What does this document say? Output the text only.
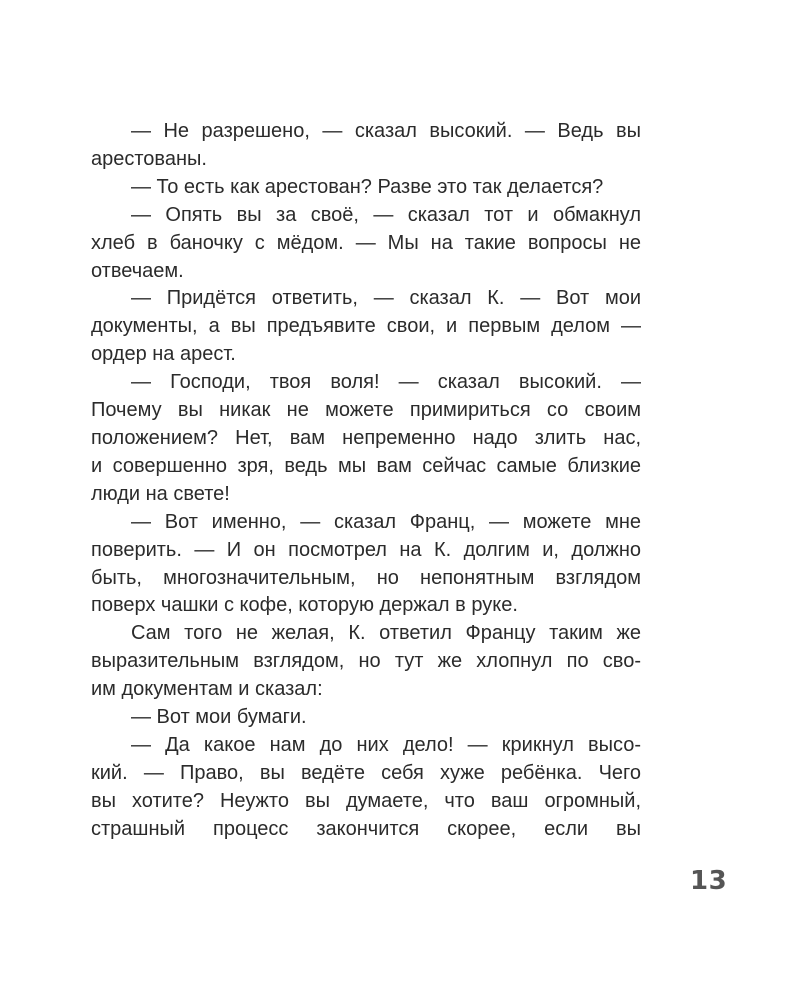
— Не разрешено, — сказал высокий. — Ведь вы
арестованы.
— То есть как арестован? Разве это так делается?
— Опять вы за своё, — сказал тот и обмакнул
хлеб в баночку с мёдом. — Мы на такие вопросы не
отвечаем.
— Придётся ответить, — сказал К. — Вот мои
документы, а вы предъявите свои, и первым делом —
ордер на арест.
— Господи, твоя воля! — сказал высокий. —
Почему вы никак не можете примириться со своим
положением? Нет, вам непременно надо злить нас,
и совершенно зря, ведь мы вам сейчас самые близкие
люди на свете!
— Вот именно, — сказал Франц, — можете мне
поверить. — И он посмотрел на К. долгим и, должно
быть, многозначительным, но непонятным взглядом
поверх чашки с кофе, которую держал в руке.
Сам того не желая, К. ответил Францу таким же
выразительным взглядом, но тут же хлопнул по сво-
им документам и сказал:
— Вот мои бумаги.
— Да какое нам до них дело! — крикнул высо-
кий. — Право, вы ведёте себя хуже ребёнка. Чего
вы хотите? Неужто вы думаете, что ваш огромный,
страшный процесс закончится скорее, если вы
13
